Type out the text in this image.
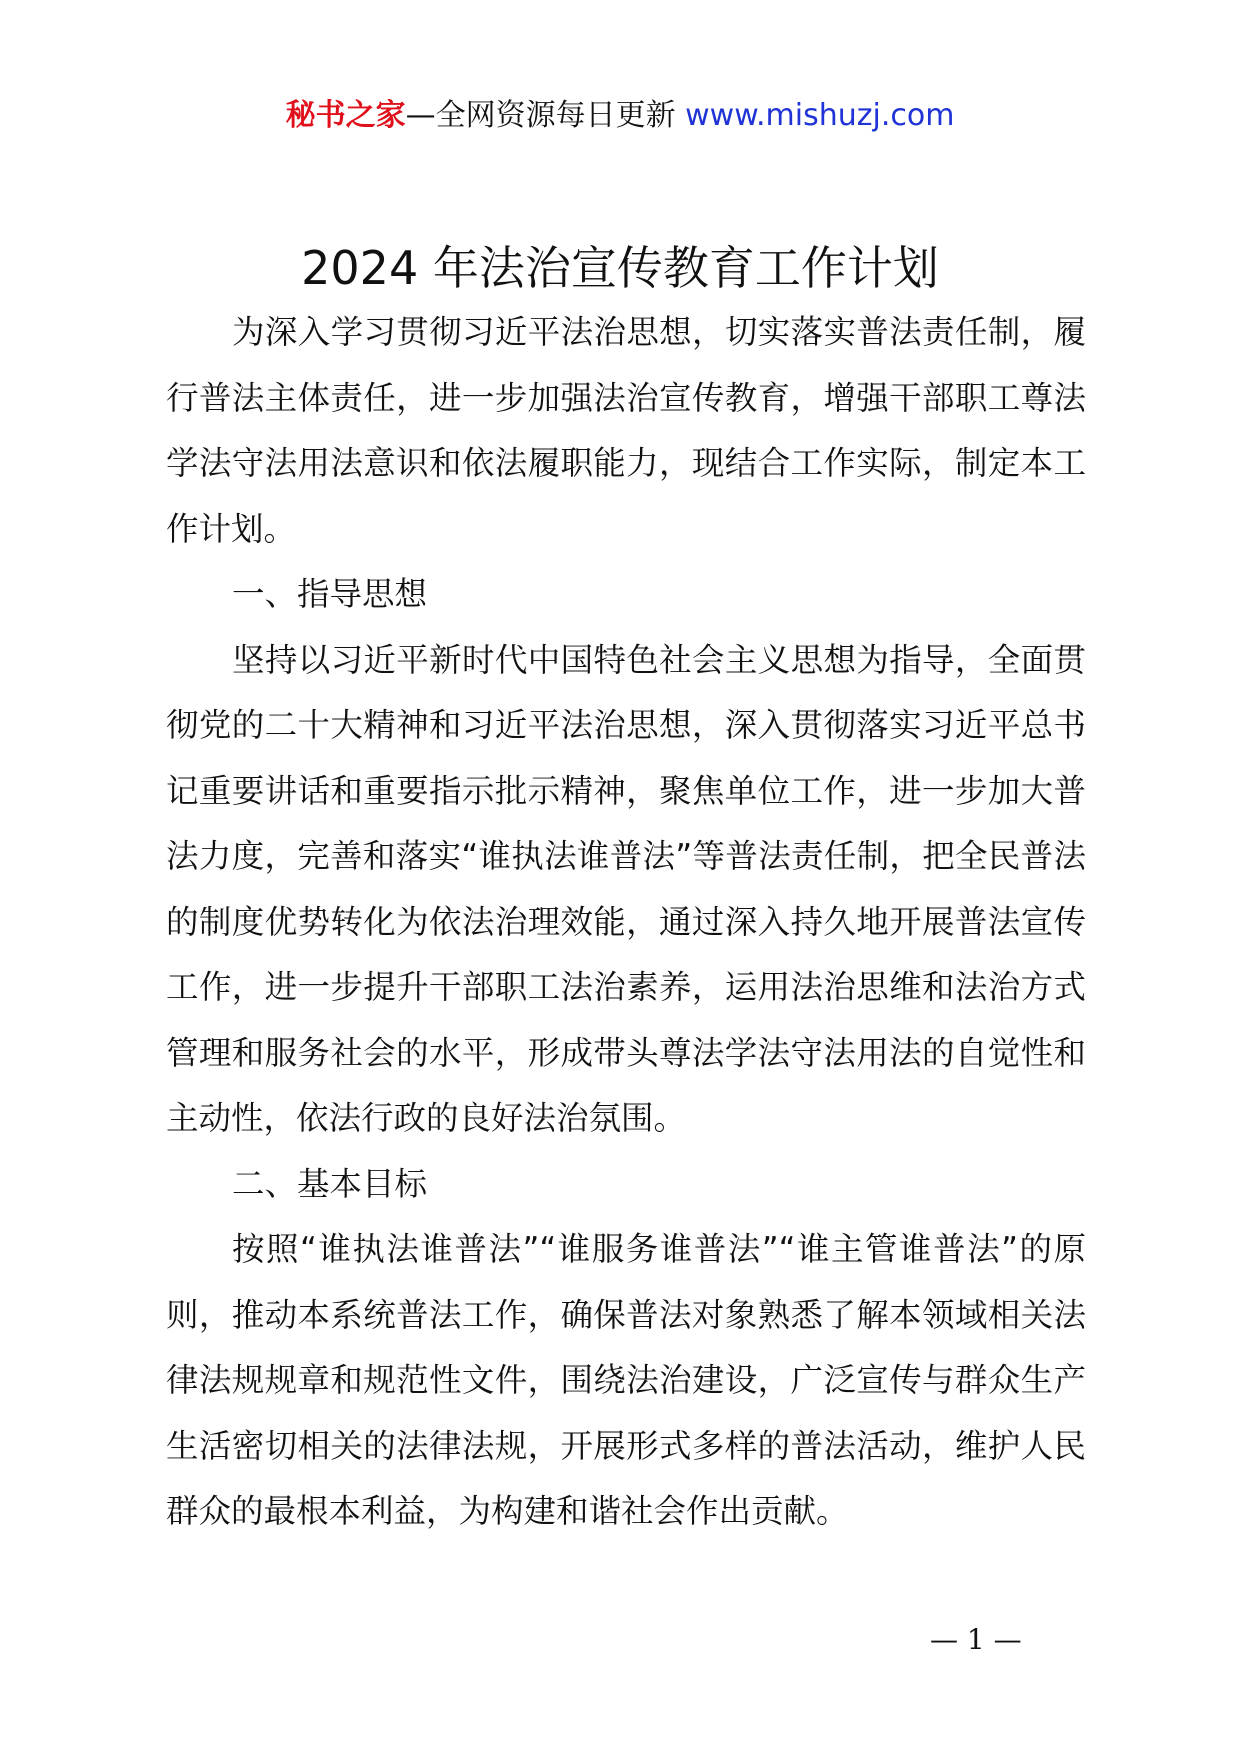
秘书之家—全网资源每日更新 www.mishuzj.com
2024 年法治宣传教育工作计划

为深入学习贯彻习近平法治思想，切实落实普法责任制，履行普法主体责任，进一步加强法治宣传教育，增强干部职工尊法学法守法用法意识和依法履职能力，现结合工作实际，制定本工作计划。

一、指导思想

坚持以习近平新时代中国特色社会主义思想为指导，全面贯彻党的二十大精神和习近平法治思想，深入贯彻落实习近平总书记重要讲话和重要指示批示精神，聚焦单位工作，进一步加大普法力度，完善和落实“谁执法谁普法”等普法责任制，把全民普法的制度优势转化为依法治理效能，通过深入持久地开展普法宣传工作，进一步提升干部职工法治素养，运用法治思维和法治方式管理和服务社会的水平，形成带头尊法学法守法用法的自觉性和主动性，依法行政的良好法治氛围。

二、基本目标

按照“谁执法谁普法”“谁服务谁普法”“谁主管谁普法”的原则，推动本系统普法工作，确保普法对象熟悉了解本领域相关法律法规规章和规范性文件，围绕法治建设，广泛宣传与群众生产生活密切相关的法律法规，开展形式多样的普法活动，维护人民群众的最根本利益，为构建和谐社会作出贡献。

— 1 —
